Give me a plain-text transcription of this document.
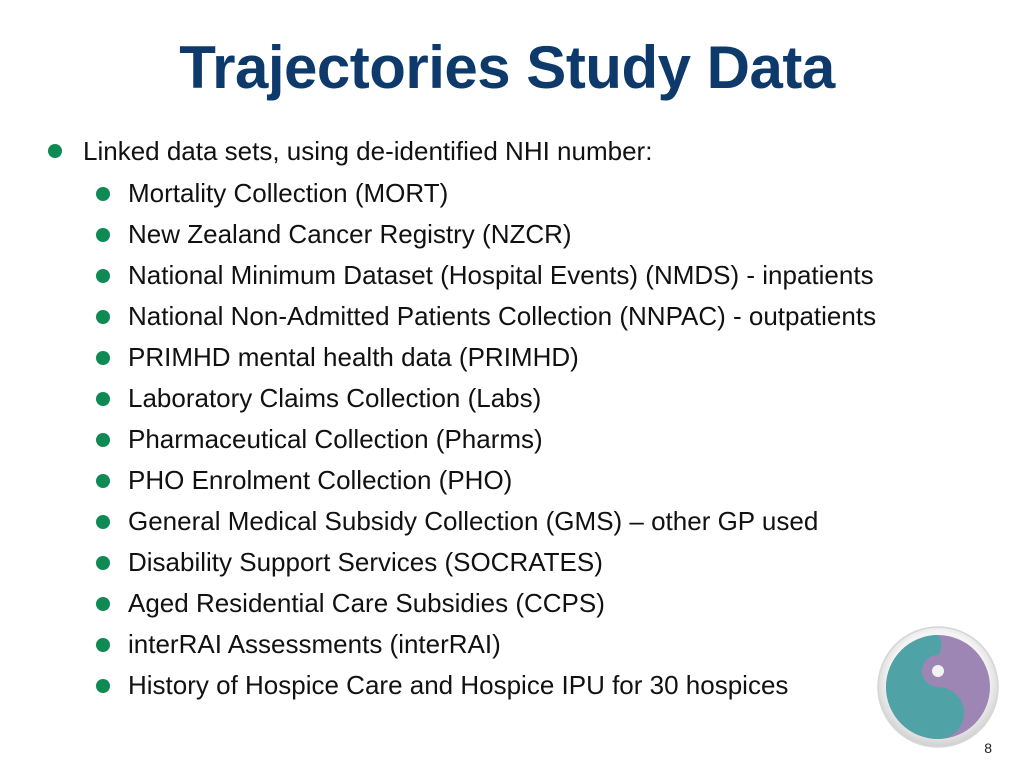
Trajectories Study Data
Linked data sets, using de-identified NHI number:
Mortality Collection (MORT)
New Zealand Cancer Registry (NZCR)
National Minimum Dataset (Hospital Events) (NMDS) - inpatients
National Non-Admitted Patients Collection (NNPAC) - outpatients
PRIMHD mental health data (PRIMHD)
Laboratory Claims Collection (Labs)
Pharmaceutical Collection (Pharms)
PHO Enrolment Collection (PHO)
General Medical Subsidy Collection (GMS) – other GP used
Disability Support Services (SOCRATES)
Aged Residential Care Subsidies (CCPS)
interRAI Assessments (interRAI)
History of Hospice Care and Hospice IPU for 30 hospices
8
